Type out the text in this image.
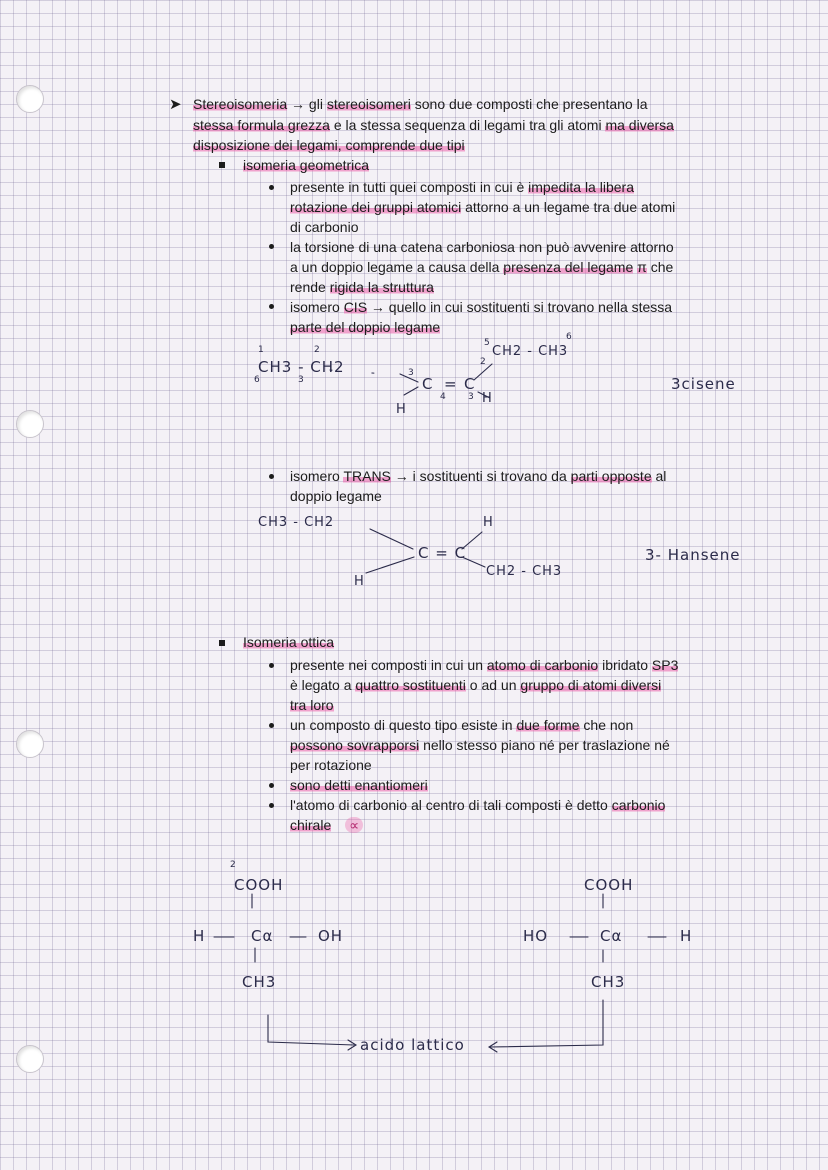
➤ Stereoisomeria → gli stereoisomeri sono due composti che presentano la
stessa formula grezza e la stessa sequenza di legami tra gli atomi ma diversa
disposizione dei legami, comprende due tipi
isomeria geometrica
presente in tutti quei composti in cui è impedita la libera
rotazione dei gruppi atomici attorno a un legame tra due atomi
di carbonio
la torsione di una catena carboniosa non può avvenire attorno
a un doppio legame a causa della presenza del legame π che
rende rigida la struttura
isomero CIS → quello in cui sostituenti si trovano nella stessa
parte del doppio legame
CH3 - CH2
1	2
6	3	C = C
CH2 - CH3
5
6
2
3
4 3
H
H
3cisene
isomero TRANS → i sostituenti si trovano da parti opposte al
doppio legame
CH3 - CH2
C = C
H
H
CH2 - CH3
3- Hansene
Isomeria ottica
presente nei composti in cui un atomo di carbonio ibridato SP3
è legato a quattro sostituenti o ad un gruppo di atomi diversi
tra loro
un composto di questo tipo esiste in due forme che non
possono sovrapporsi nello stesso piano né per traslazione né
per rotazione
sono detti enantiomeri
l'atomo di carbonio al centro di tali composti è detto carbonio
chirale ∝
2
COOH
H	Cα	OH
CH3
COOH
HO	Cα	H
CH3
acido lattico
